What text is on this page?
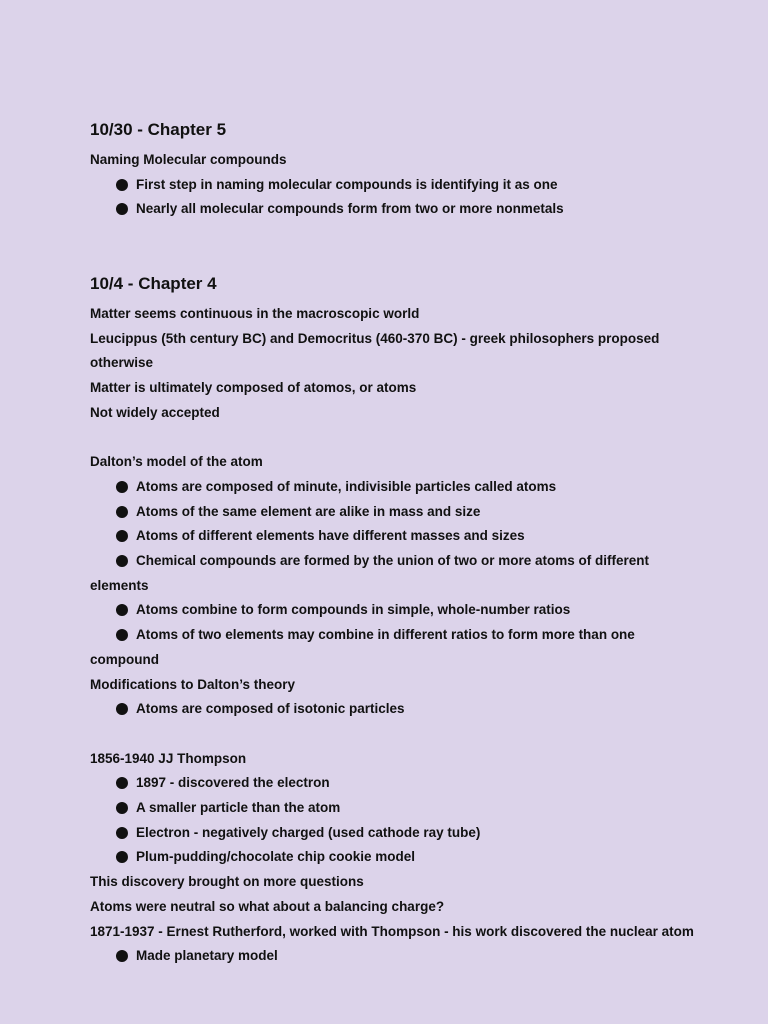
10/30 - Chapter 5

Naming Molecular compounds

First step in naming molecular compounds is identifying it as one
Nearly all molecular compounds form from two or more nonmetals
10/4 - Chapter 4

Matter seems continuous in the macroscopic world

Leucippus (5th century BC) and Democritus (460-370 BC) - greek philosophers proposed

otherwise

Matter is ultimately composed of atomos, or atoms

Not widely accepted

Dalton’s model of the atom

Atoms are composed of minute, indivisible particles called atoms
Atoms of the same element are alike in mass and size
Atoms of different elements have different masses and sizes
Chemical compounds are formed by the union of two or more atoms of different elements
Atoms combine to form compounds in simple, whole-number ratios
Atoms of two elements may combine in different ratios to form more than one compound

Modifications to Dalton’s theory

Atoms are composed of isotonic particles

1856-1940 JJ Thompson

1897 - discovered the electron
A smaller particle than the atom
Electron - negatively charged (used cathode ray tube)
Plum-pudding/chocolate chip cookie model

This discovery brought on more questions

Atoms were neutral so what about a balancing charge?

1871-1937 - Ernest Rutherford, worked with Thompson - his work discovered the nuclear atom

Made planetary model
